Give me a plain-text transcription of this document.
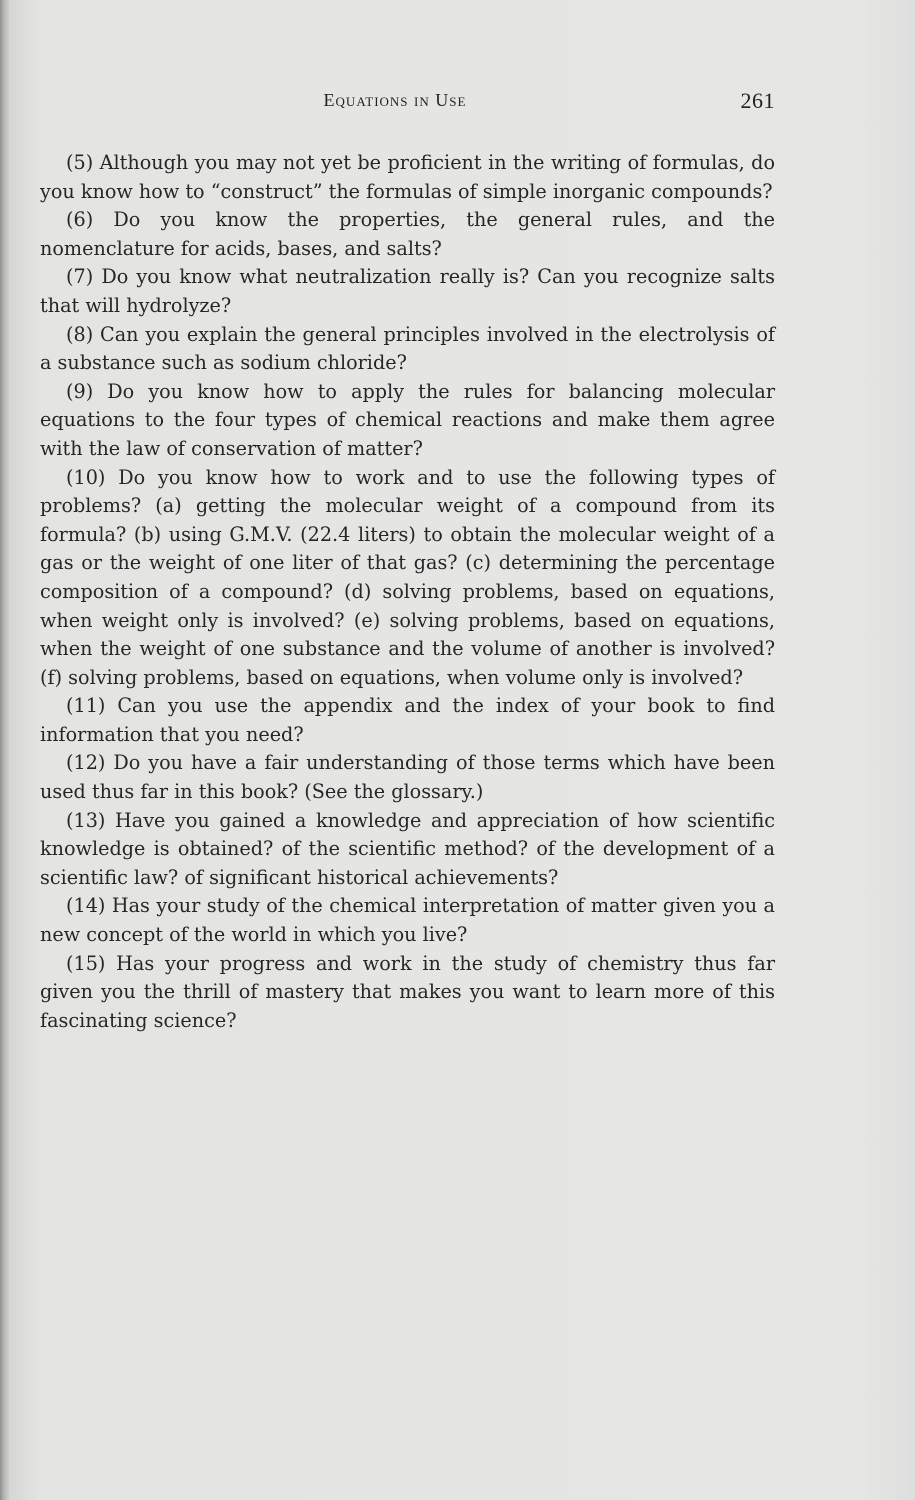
Equations in Use	261

(5) Although you may not yet be proficient in the writing of formulas, do you know how to “construct” the formulas of simple inorganic compounds?

(6) Do you know the properties, the general rules, and the nomenclature for acids, bases, and salts?

(7) Do you know what neutralization really is? Can you recognize salts that will hydrolyze?

(8) Can you explain the general principles involved in the electrolysis of a substance such as sodium chloride?

(9) Do you know how to apply the rules for balancing molecular equations to the four types of chemical reactions and make them agree with the law of conservation of matter?

(10) Do you know how to work and to use the following types of problems? (a) getting the molecular weight of a compound from its formula? (b) using G.M.V. (22.4 liters) to obtain the molecular weight of a gas or the weight of one liter of that gas? (c) determining the percentage composition of a compound? (d) solving problems, based on equations, when weight only is involved? (e) solving problems, based on equations, when the weight of one substance and the volume of another is involved? (f) solving problems, based on equations, when volume only is involved?

(11) Can you use the appendix and the index of your book to find information that you need?

(12) Do you have a fair understanding of those terms which have been used thus far in this book? (See the glossary.)

(13) Have you gained a knowledge and appreciation of how scientific knowledge is obtained? of the scientific method? of the development of a scientific law? of significant historical achievements?

(14) Has your study of the chemical interpretation of matter given you a new concept of the world in which you live?

(15) Has your progress and work in the study of chemistry thus far given you the thrill of mastery that makes you want to learn more of this fascinating science?
